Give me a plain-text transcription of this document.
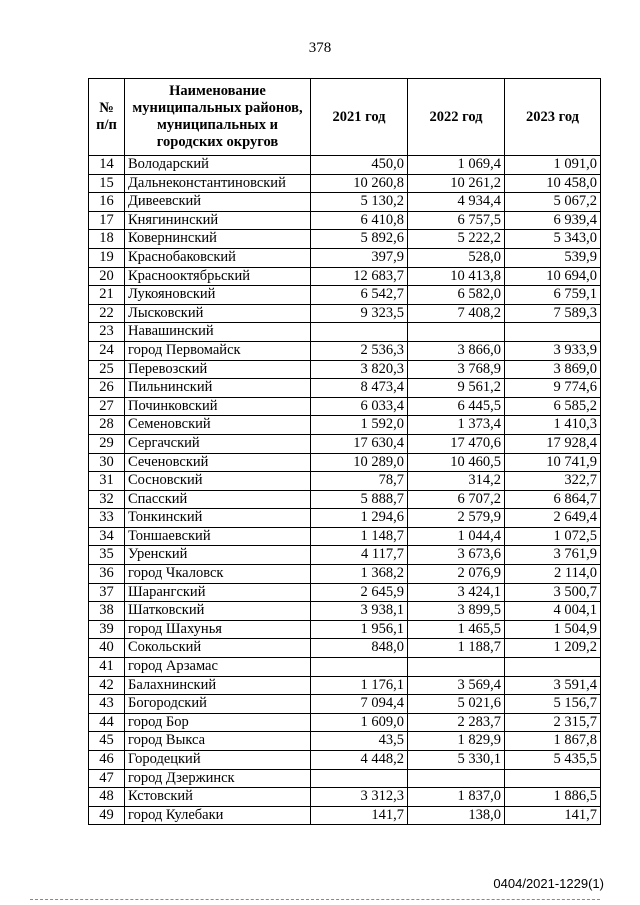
378
№ п/п	Наименование муниципальных районов, муниципальных и городских округов	2021 год	2022 год	2023 год
14	Володарский	450,0	1 069,4	1 091,0
15	Дальнеконстантиновский	10 260,8	10 261,2	10 458,0
16	Дивеевский	5 130,2	4 934,4	5 067,2
17	Княгининский	6 410,8	6 757,5	6 939,4
18	Ковернинский	5 892,6	5 222,2	5 343,0
19	Краснобаковский	397,9	528,0	539,9
20	Краснооктябрьский	12 683,7	10 413,8	10 694,0
21	Лукояновский	6 542,7	6 582,0	6 759,1
22	Лысковский	9 323,5	7 408,2	7 589,3
23	Навашинский			
24	город Первомайск	2 536,3	3 866,0	3 933,9
25	Перевозский	3 820,3	3 768,9	3 869,0
26	Пильнинский	8 473,4	9 561,2	9 774,6
27	Починковский	6 033,4	6 445,5	6 585,2
28	Семеновский	1 592,0	1 373,4	1 410,3
29	Сергачский	17 630,4	17 470,6	17 928,4
30	Сеченовский	10 289,0	10 460,5	10 741,9
31	Сосновский	78,7	314,2	322,7
32	Спасский	5 888,7	6 707,2	6 864,7
33	Тонкинский	1 294,6	2 579,9	2 649,4
34	Тоншаевский	1 148,7	1 044,4	1 072,5
35	Уренский	4 117,7	3 673,6	3 761,9
36	город Чкаловск	1 368,2	2 076,9	2 114,0
37	Шарангский	2 645,9	3 424,1	3 500,7
38	Шатковский	3 938,1	3 899,5	4 004,1
39	город Шахунья	1 956,1	1 465,5	1 504,9
40	Сокольский	848,0	1 188,7	1 209,2
41	город Арзамас			
42	Балахнинский	1 176,1	3 569,4	3 591,4
43	Богородский	7 094,4	5 021,6	5 156,7
44	город Бор	1 609,0	2 283,7	2 315,7
45	город Выкса	43,5	1 829,9	1 867,8
46	Городецкий	4 448,2	5 330,1	5 435,5
47	город Дзержинск			
48	Кстовский	3 312,3	1 837,0	1 886,5
49	город Кулебаки	141,7	138,0	141,7
0404/2021-1229(1)
